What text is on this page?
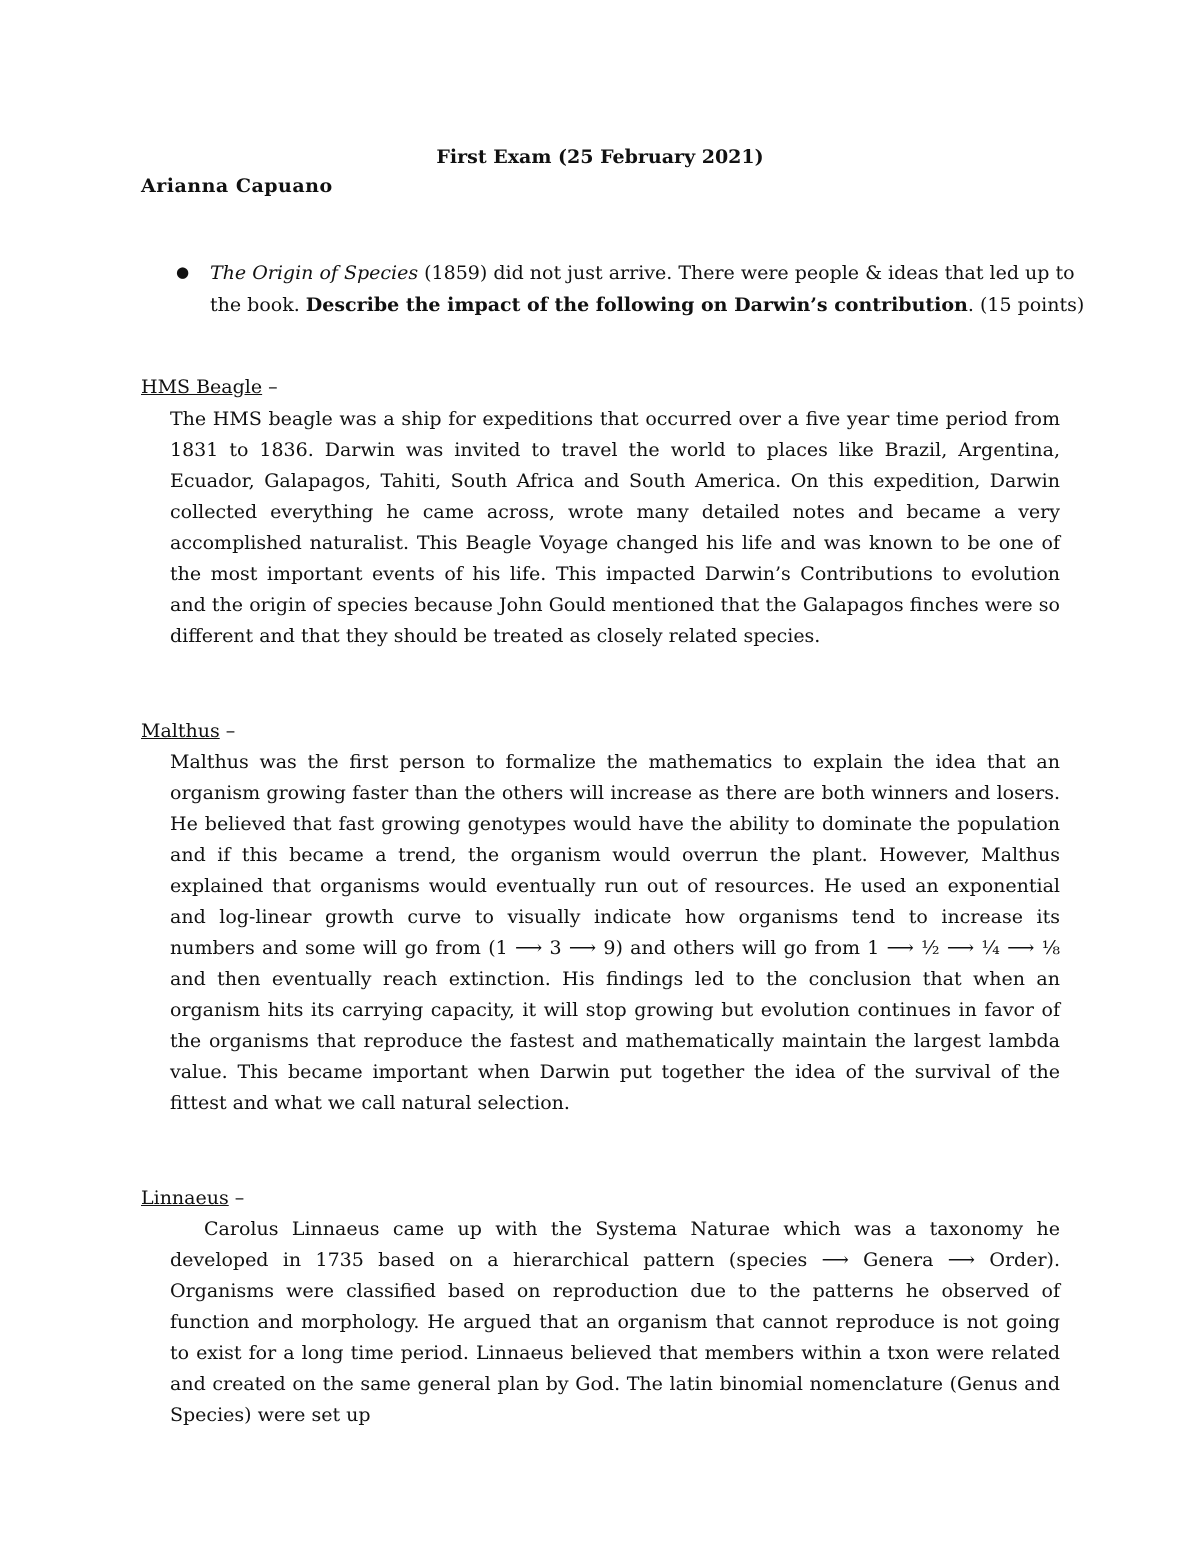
First Exam (25 February 2021)
Arianna Capuano
● The Origin of Species (1859) did not just arrive. There were people & ideas that led up to the book. Describe the impact of the following on Darwin’s contribution. (15 points)
HMS Beagle –

The HMS beagle was a ship for expeditions that occurred over a five year time period from 1831 to 1836. Darwin was invited to travel the world to places like Brazil, Argentina, Ecuador, Galapagos, Tahiti, South Africa and South America. On this expedition, Darwin collected everything he came across, wrote many detailed notes and became a very accomplished naturalist. This Beagle Voyage changed his life and was known to be one of the most important events of his life. This impacted Darwin’s Contributions to evolution and the origin of species because John Gould mentioned that the Galapagos finches were so different and that they should be treated as closely related species.

Malthus –

Malthus was the first person to formalize the mathematics to explain the idea that an organism growing faster than the others will increase as there are both winners and losers. He believed that fast growing genotypes would have the ability to dominate the population and if this became a trend, the organism would overrun the plant. However, Malthus explained that organisms would eventually run out of resources. He used an exponential and log-linear growth curve to visually indicate how organisms tend to increase its numbers and some will go from (1 ⟶ 3 ⟶ 9) and others will go from 1 ⟶ ½ ⟶ ¼ ⟶ ⅛ and then eventually reach extinction. His findings led to the conclusion that when an organism hits its carrying capacity, it will stop growing but evolution continues in favor of the organisms that reproduce the fastest and mathematically maintain the largest lambda value. This became important when Darwin put together the idea of the survival of the fittest and what we call natural selection.

Linnaeus –

Carolus Linnaeus came up with the Systema Naturae which was a taxonomy he developed in 1735 based on a hierarchical pattern (species ⟶ Genera ⟶ Order). Organisms were classified based on reproduction due to the patterns he observed of function and morphology. He argued that an organism that cannot reproduce is not going to exist for a long time period. Linnaeus believed that members within a txon were related and created on the same general plan by God. The latin binomial nomenclature (Genus and Species) were set up
